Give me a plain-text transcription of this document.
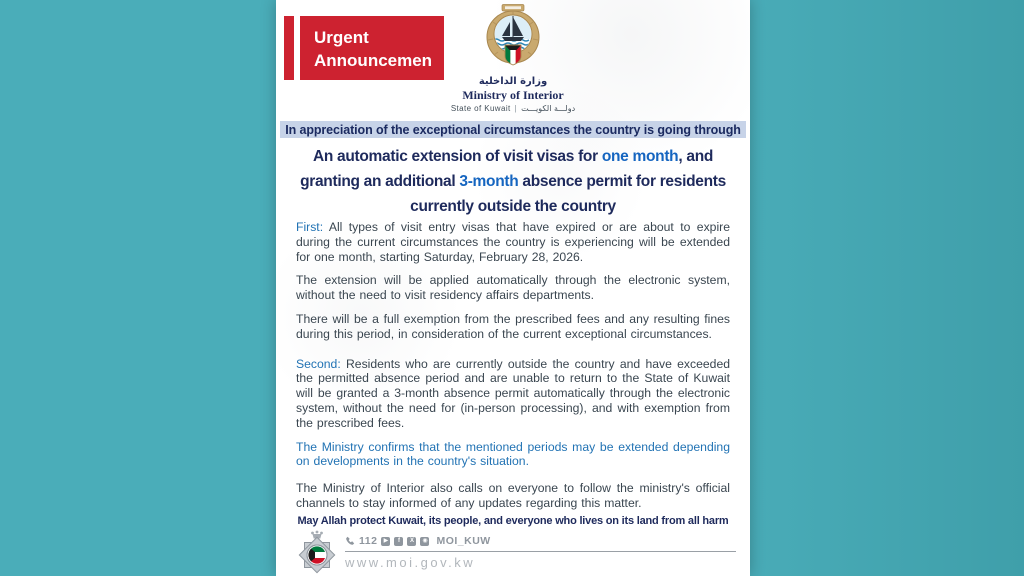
Urgent
Announcemen
وزارة الداخلية
Ministry of Interior
State of Kuwait | دولـــة الكويـــت
In appreciation of the exceptional circumstances the country is going through
An automatic extension of visit visas for one month, and
granting an additional 3-month absence permit for residents
currently outside the country

First: All types of visit entry visas that have expired or are about to expire during the current circumstances the country is experiencing will be extended for one month, starting Saturday, February 28, 2026.

The extension will be applied automatically through the electronic system, without the need to visit residency affairs departments.

There will be a full exemption from the prescribed fees and any resulting fines during this period, in consideration of the current exceptional circumstances.

Second: Residents who are currently outside the country and have exceeded the permitted absence period and are unable to return to the State of Kuwait will be granted a 3-month absence permit automatically through the electronic system, without the need for (in-person processing), and with exemption from the prescribed fees.

The Ministry confirms that the mentioned periods may be extended depending on developments in the country's situation.

The Ministry of Interior also calls on everyone to follow the ministry's official channels to stay informed of any updates regarding this matter.

May Allah protect Kuwait, its people, and everyone who lives on its land from all harm
112	▶	f	X	◉ MOI_KUW
www.moi.gov.kw
